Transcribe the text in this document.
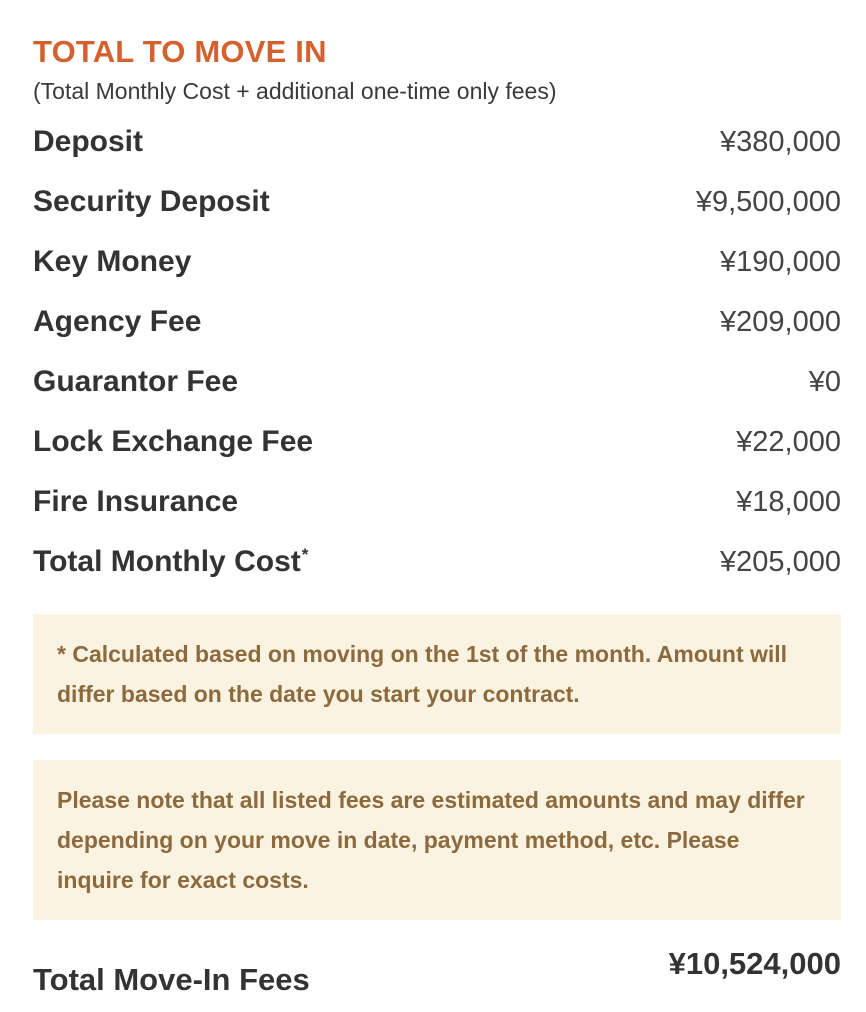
TOTAL TO MOVE IN

(Total Monthly Cost + additional one-time only fees)

Deposit	¥380,000
Security Deposit	¥9,500,000
Key Money	¥190,000
Agency Fee	¥209,000
Guarantor Fee	¥0
Lock Exchange Fee	¥22,000
Fire Insurance	¥18,000
Total Monthly Cost*	¥205,000
* Calculated based on moving on the 1st of the month. Amount will differ based on the date you start your contract.
Please note that all listed fees are estimated amounts and may differ depending on your move in date, payment method, etc. Please inquire for exact costs.
Total Move-In Fees	¥10,524,000
